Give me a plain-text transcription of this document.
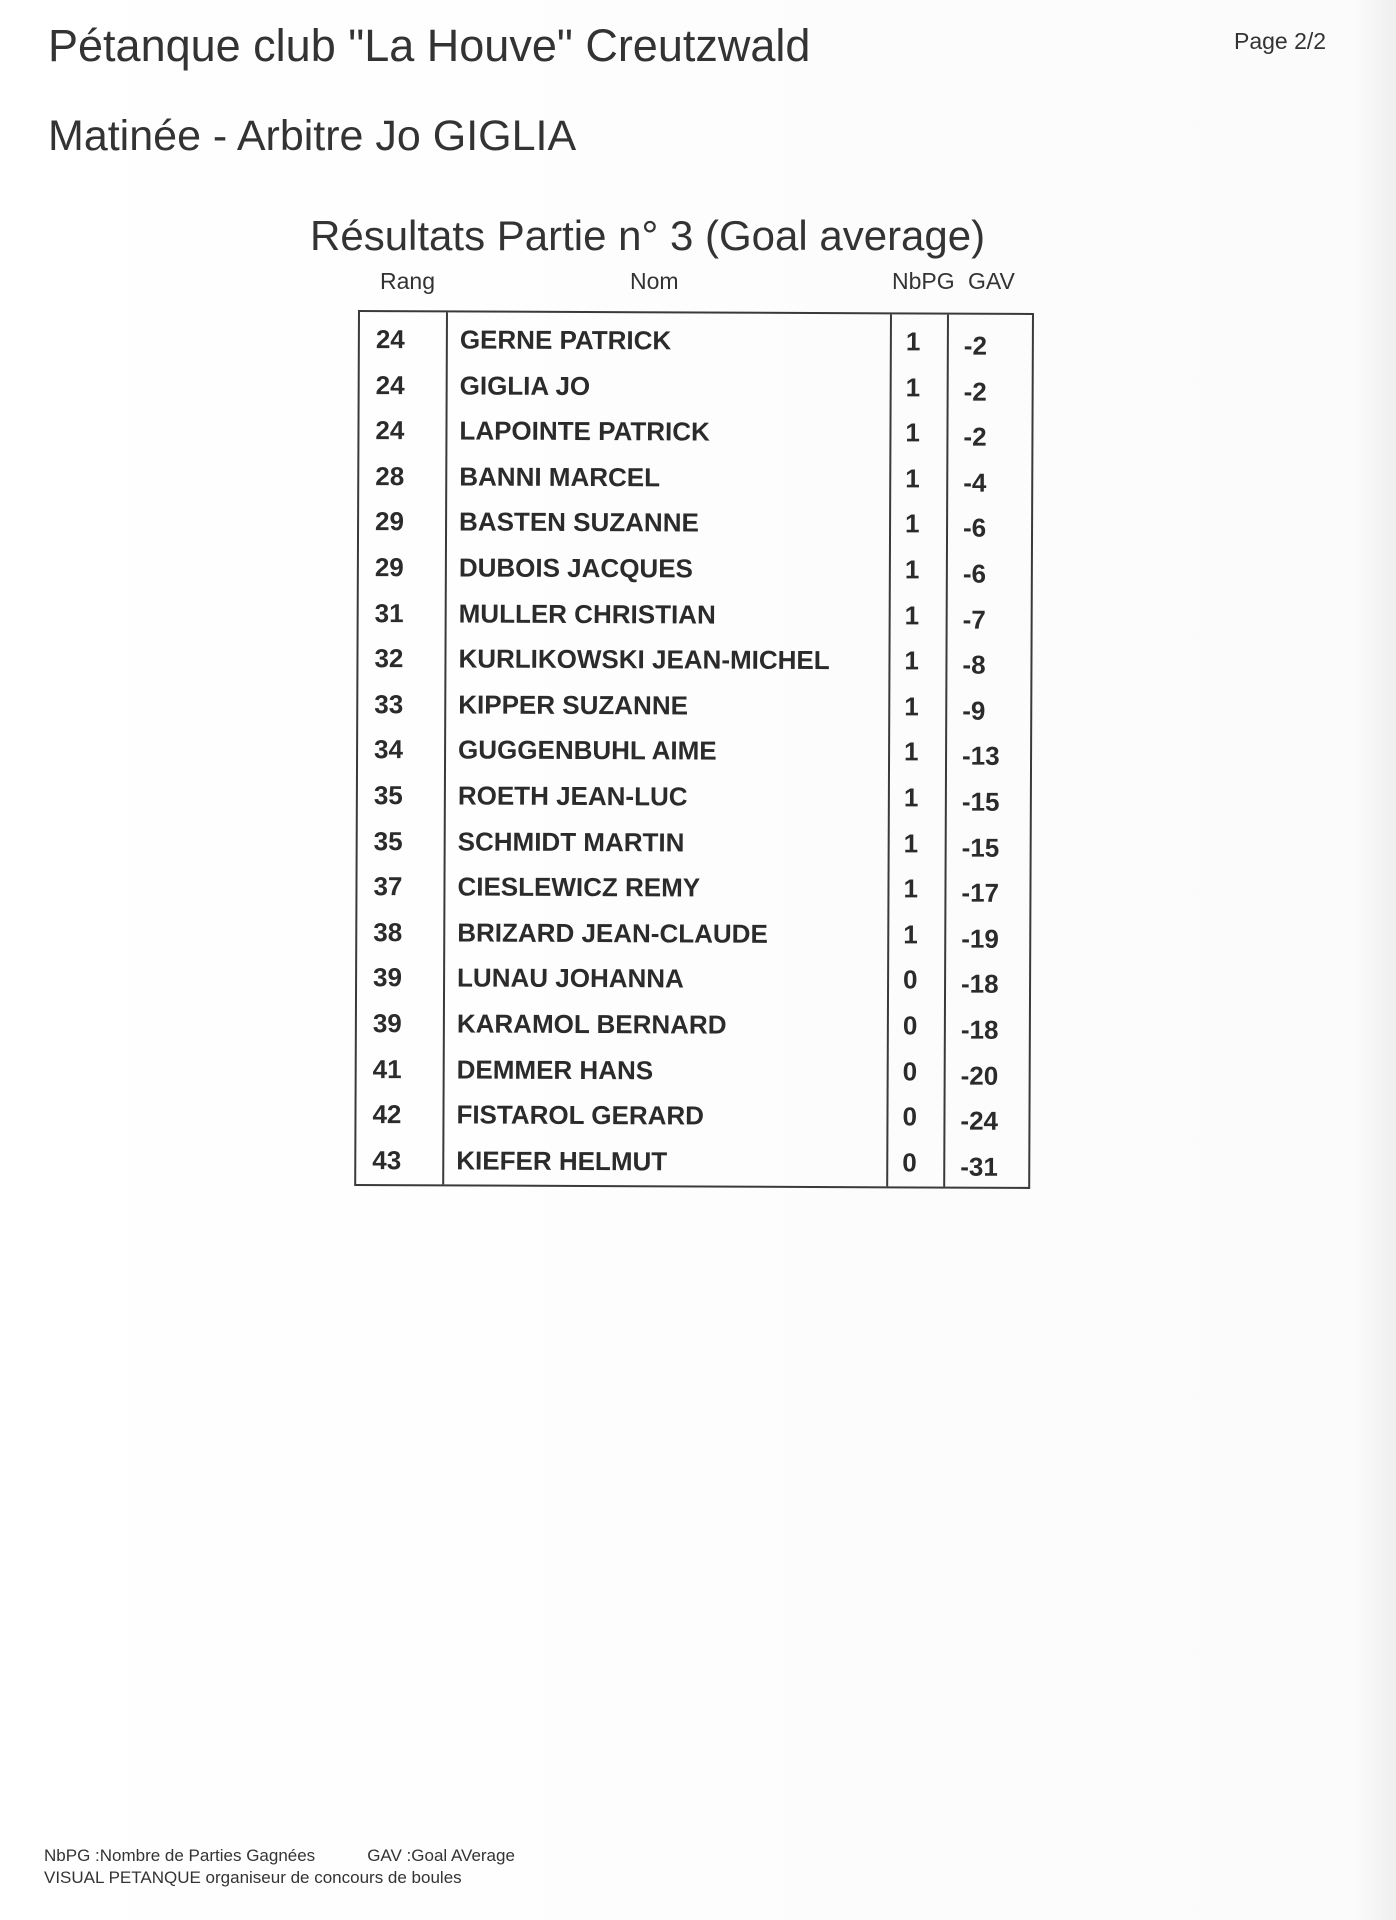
Pétanque club "La Houve" Creutzwald	Page 2/2
Matinée - Arbitre Jo GIGLIA
Résultats Partie n° 3 (Goal average)
Rang	Nom	NbPG GAV
24 GERNE PATRICK	1	-2
24 GIGLIA JO	1	-2
24 LAPOINTE PATRICK	1	-2
28 BANNI MARCEL	1	-4
29 BASTEN SUZANNE	1	-6
29 DUBOIS JACQUES	1	-6
31 MULLER CHRISTIAN	1	-7
32 KURLIKOWSKI JEAN-MICHEL	1	-8
33 KIPPER SUZANNE	1	-9
34 GUGGENBUHL AIME	1	-13
35 ROETH JEAN-LUC	1	-15
35 SCHMIDT MARTIN	1	-15
37 CIESLEWICZ REMY	1	-17
38 BRIZARD JEAN-CLAUDE	1	-19
39 LUNAU JOHANNA	0	-18
39 KARAMOL BERNARD	0	-18
41 DEMMER HANS	0	-20
42 FISTAROL GERARD	0	-24
43 KIEFER HELMUT	0	-31
NbPG :Nombre de Parties Gagnées	GAV :Goal AVerage
VISUAL PETANQUE organiseur de concours de boules
